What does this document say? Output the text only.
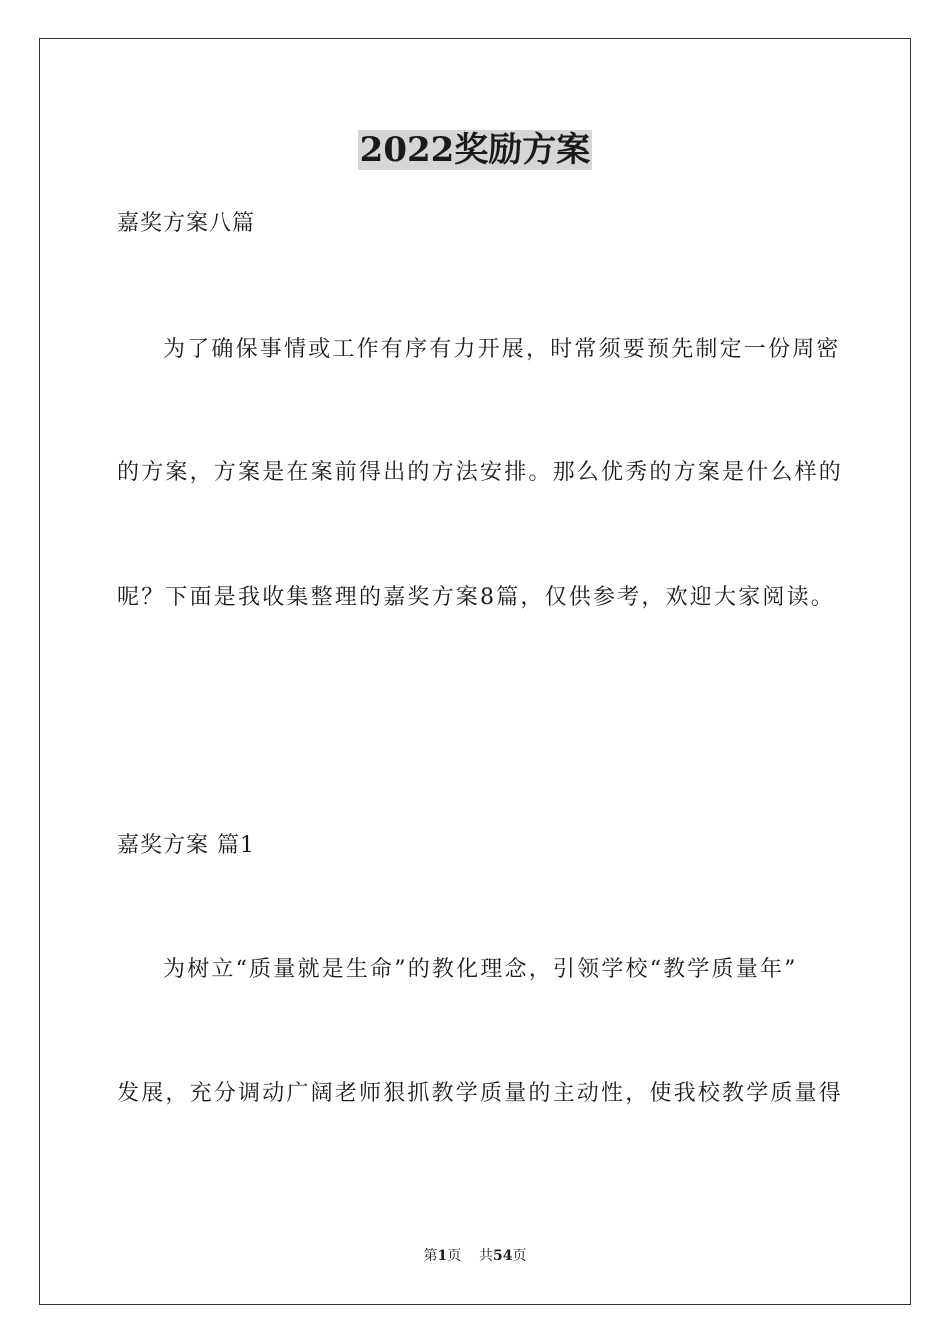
2022奖励方案
嘉奖方案八篇
为了确保事情或工作有序有力开展，时常须要预先制定一份周密
的方案，方案是在案前得出的方法安排。那么优秀的方案是什么样的
呢？下面是我收集整理的嘉奖方案8篇，仅供参考，欢迎大家阅读。
嘉奖方案 篇1
为树立“质量就是生命”的教化理念，引领学校“教学质量年”
发展，充分调动广阔老师狠抓教学质量的主动性，使我校教学质量得
第1页 共54页
